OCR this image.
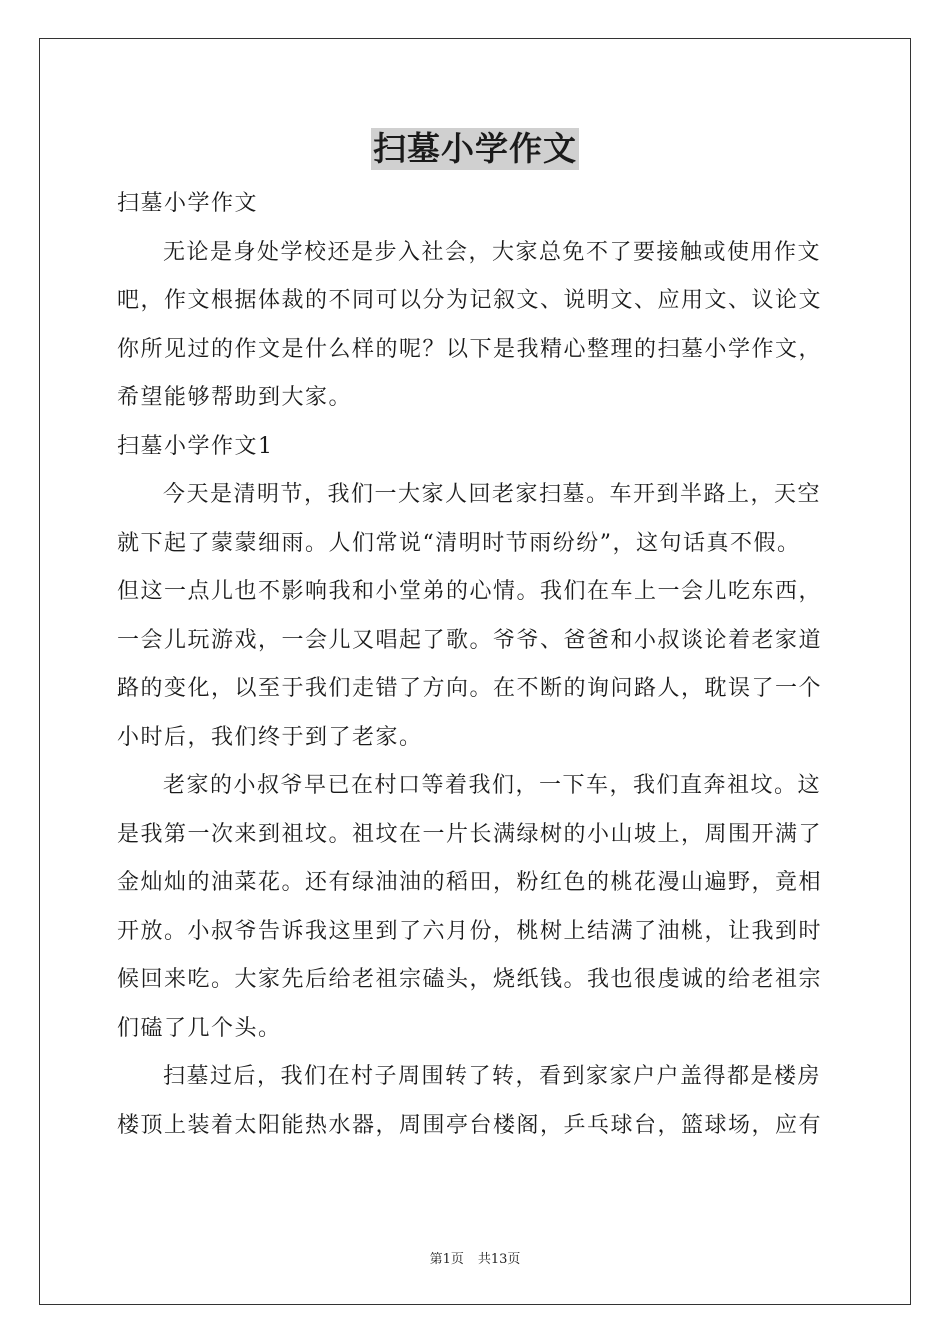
扫墓小学作文
扫墓小学作文
无论是身处学校还是步入社会，大家总免不了要接触或使用作文
吧，作文根据体裁的不同可以分为记叙文、说明文、应用文、议论文
你所见过的作文是什么样的呢？以下是我精心整理的扫墓小学作文，
希望能够帮助到大家。
扫墓小学作文1
今天是清明节，我们一大家人回老家扫墓。车开到半路上，天空
就下起了蒙蒙细雨。人们常说“清明时节雨纷纷”，这句话真不假。
但这一点儿也不影响我和小堂弟的心情。我们在车上一会儿吃东西，
一会儿玩游戏，一会儿又唱起了歌。爷爷、爸爸和小叔谈论着老家道
路的变化，以至于我们走错了方向。在不断的询问路人，耽误了一个
小时后，我们终于到了老家。
老家的小叔爷早已在村口等着我们，一下车，我们直奔祖坟。这
是我第一次来到祖坟。祖坟在一片长满绿树的小山坡上，周围开满了
金灿灿的油菜花。还有绿油油的稻田，粉红色的桃花漫山遍野，竟相
开放。小叔爷告诉我这里到了六月份，桃树上结满了油桃，让我到时
候回来吃。大家先后给老祖宗磕头，烧纸钱。我也很虔诚的给老祖宗
们磕了几个头。
扫墓过后，我们在村子周围转了转，看到家家户户盖得都是楼房
楼顶上装着太阳能热水器，周围亭台楼阁，乒乓球台，篮球场，应有
第1页 共13页
